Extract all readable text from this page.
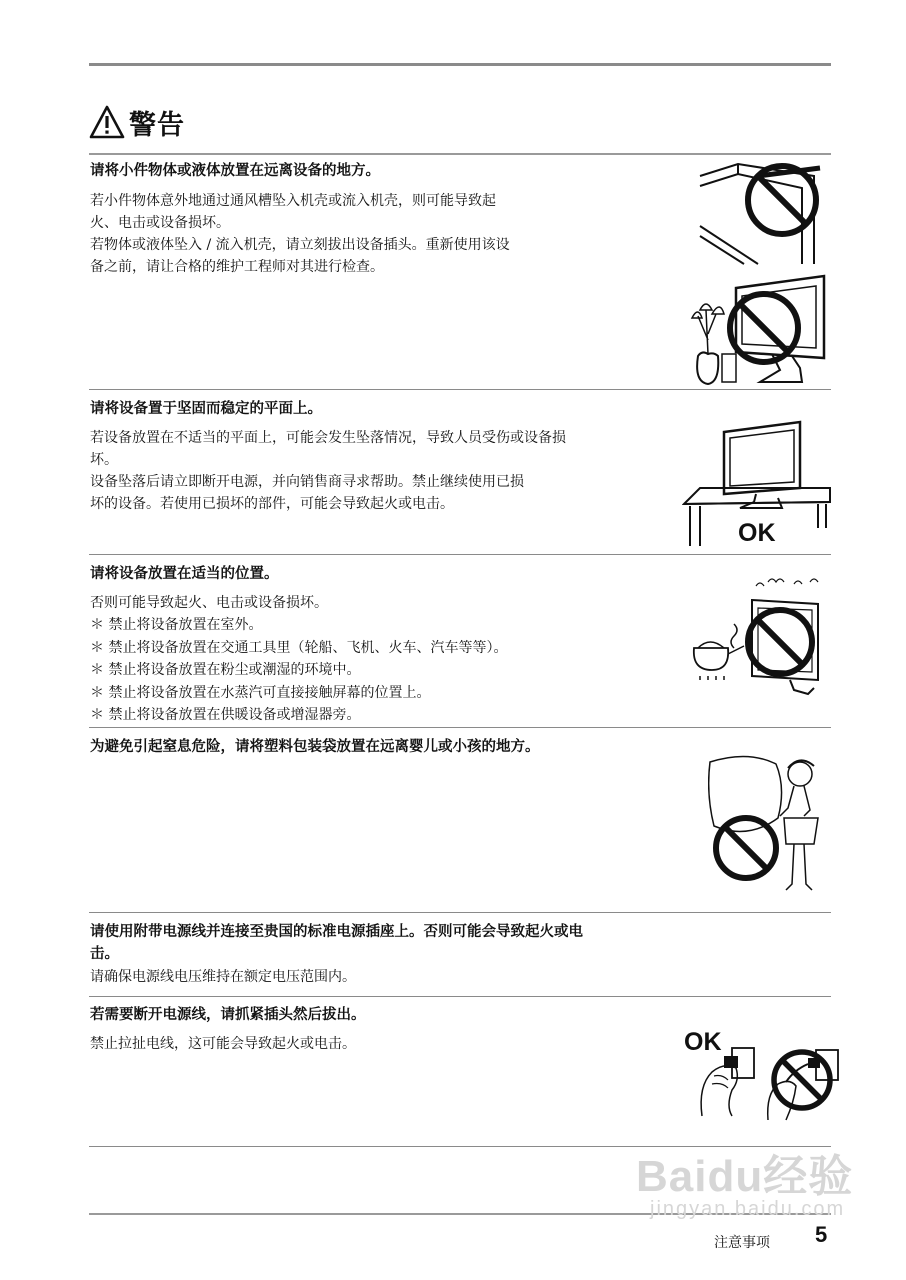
警告

请将小件物体或液体放置在远离设备的地方。

若小件物体意外地通过通风槽坠入机壳或流入机壳，则可能导致起

火、电击或设备损坏。

若物体或液体坠入 / 流入机壳，请立刻拔出设备插头。重新使用该设

备之前，请让合格的维护工程师对其进行检查。

请将设备置于坚固而稳定的平面上。

若设备放置在不适当的平面上，可能会发生坠落情况，导致人员受伤或设备损

坏。

设备坠落后请立即断开电源，并向销售商寻求帮助。禁止继续使用已损

坏的设备。若使用已损坏的部件，可能会导致起火或电击。

OK

请将设备放置在适当的位置。

否则可能导致起火、电击或设备损坏。

＊ 禁止将设备放置在室外。
＊ 禁止将设备放置在交通工具里（轮船、飞机、火车、汽车等等）。
＊ 禁止将设备放置在粉尘或潮湿的环境中。
＊ 禁止将设备放置在水蒸汽可直接接触屏幕的位置上。
＊ 禁止将设备放置在供暖设备或增湿器旁。

为避免引起窒息危险，请将塑料包装袋放置在远离婴儿或小孩的地方。

请使用附带电源线并连接至贵国的标准电源插座上。否则可能会导致起火或电

击。

请确保电源线电压维持在额定电压范围内。

若需要断开电源线，请抓紧插头然后拔出。

禁止拉扯电线，这可能会导致起火或电击。	OK
Baidu经验
jingyan.baidu.com
注意事项 5
